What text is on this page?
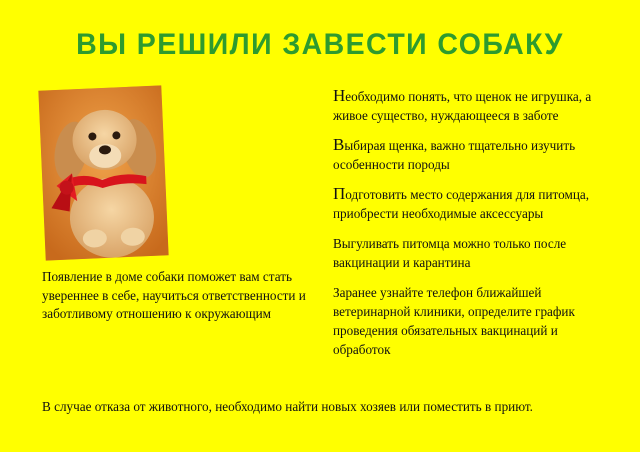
ВЫ РЕШИЛИ ЗАВЕСТИ СОБАКУ
Появление в доме собаки поможет вам стать увереннее в себе, научиться ответственности и заботливому отношению к окружающим

Необходимо понять, что щенок не игрушка, а живое существо, нуждающееся в заботе

Выбирая щенка, важно тщательно изучить особенности породы

Подготовить место содержания для питомца, приобрести необходимые аксессуары

Выгуливать питомца можно только после вакцинации и карантина

Заранее узнайте телефон ближайшей ветеринарной клиники, определите график проведения обязательных вакцинаций и обработок

В случае отказа от животного, необходимо найти новых хозяев или поместить в приют.
